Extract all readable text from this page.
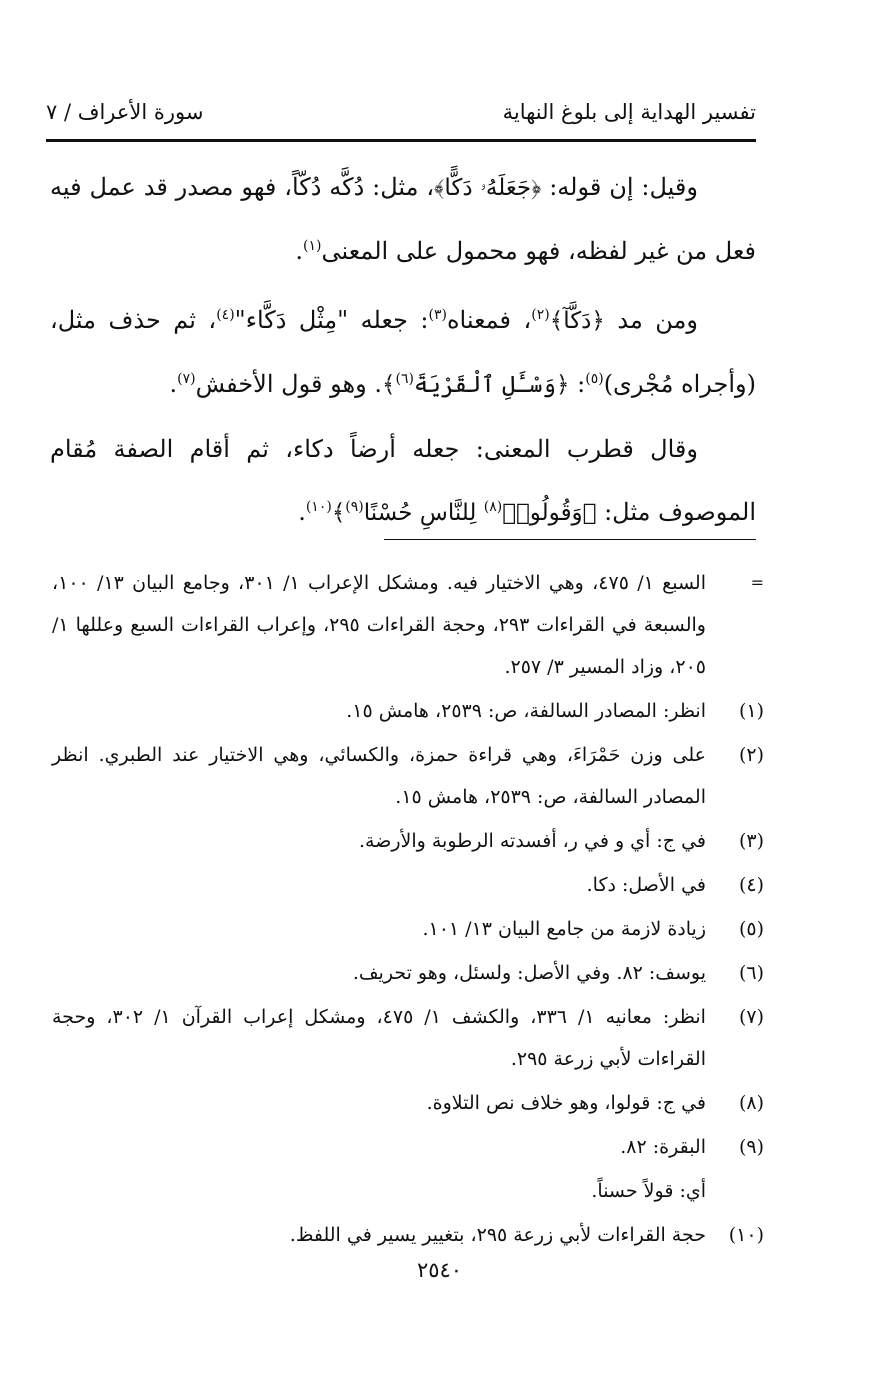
تفسير الهداية إلى بلوغ النهاية
سورة الأعراف / ٧

وقيل: إن قوله: ﴿جَعَلَهُۥ دَكًّا﴾، مثل: دُكَّه دُكّاً، فهو مصدر قد عمل فيه فعل من غير لفظه، فهو محمول على المعنى$^{(١)}$.

ومن مد ﴿دَكَّآ﴾$^{(٢)}$، فمعناه$^{(٣)}$: جعله "مِثْل دَكَّاء"$^{(٤)}$، ثم حذف مثل، (وأجراه مُجْرى)$^{(٥)}$: ﴿وَسْـَٔلِ ٱلْقَرْيَةَ$^{(٦)}$﴾. وهو قول الأخفش$^{(٧)}$.

وقال قطرب المعنى: جعله أرضاً دكاء، ثم أقام الصفة مُقام الموصوف مثل: ﴿وَقُولُوا۟$^{(٨)}$ لِلنَّاسِ حُسْنًا$^{(٩)}$﴾$^{(١٠)}$.

=
السبع ١/ ٤٧٥، وهي الاختيار فيه. ومشكل الإعراب ١/ ٣٠١، وجامع البيان ١٣/ ١٠٠، والسبعة في القراءات ٢٩٣، وحجة القراءات ٢٩٥، وإعراب القراءات السبع وعللها ١/ ٢٠٥، وزاد المسير ٣/ ٢٥٧.
(١)
انظر: المصادر السالفة، ص: ٢٥٣٩، هامش ١٥.
(٢)
على وزن حَمْرَاءَ، وهي قراءة حمزة، والكسائي، وهي الاختيار عند الطبري. انظر المصادر السالفة، ص: ٢٥٣٩، هامش ١٥.
(٣)
في ج: أي و في ر، أفسدته الرطوبة والأرضة.
(٤)
في الأصل: دكا.
(٥)
زيادة لازمة من جامع البيان ١٣/ ١٠١.
(٦)
يوسف: ٨٢. وفي الأصل: ولسئل، وهو تحريف.
(٧)
انظر: معانيه ١/ ٣٣٦، والكشف ١/ ٤٧٥، ومشكل إعراب القرآن ١/ ٣٠٢، وحجة القراءات لأبي زرعة ٢٩٥.
(٨)
في ج: قولوا، وهو خلاف نص التلاوة.
(٩)
البقرة: ٨٢.
أي: قولاً حسناً.
(١٠)
حجة القراءات لأبي زرعة ٢٩٥، بتغيير يسير في اللفظ.
٢٥٤٠
